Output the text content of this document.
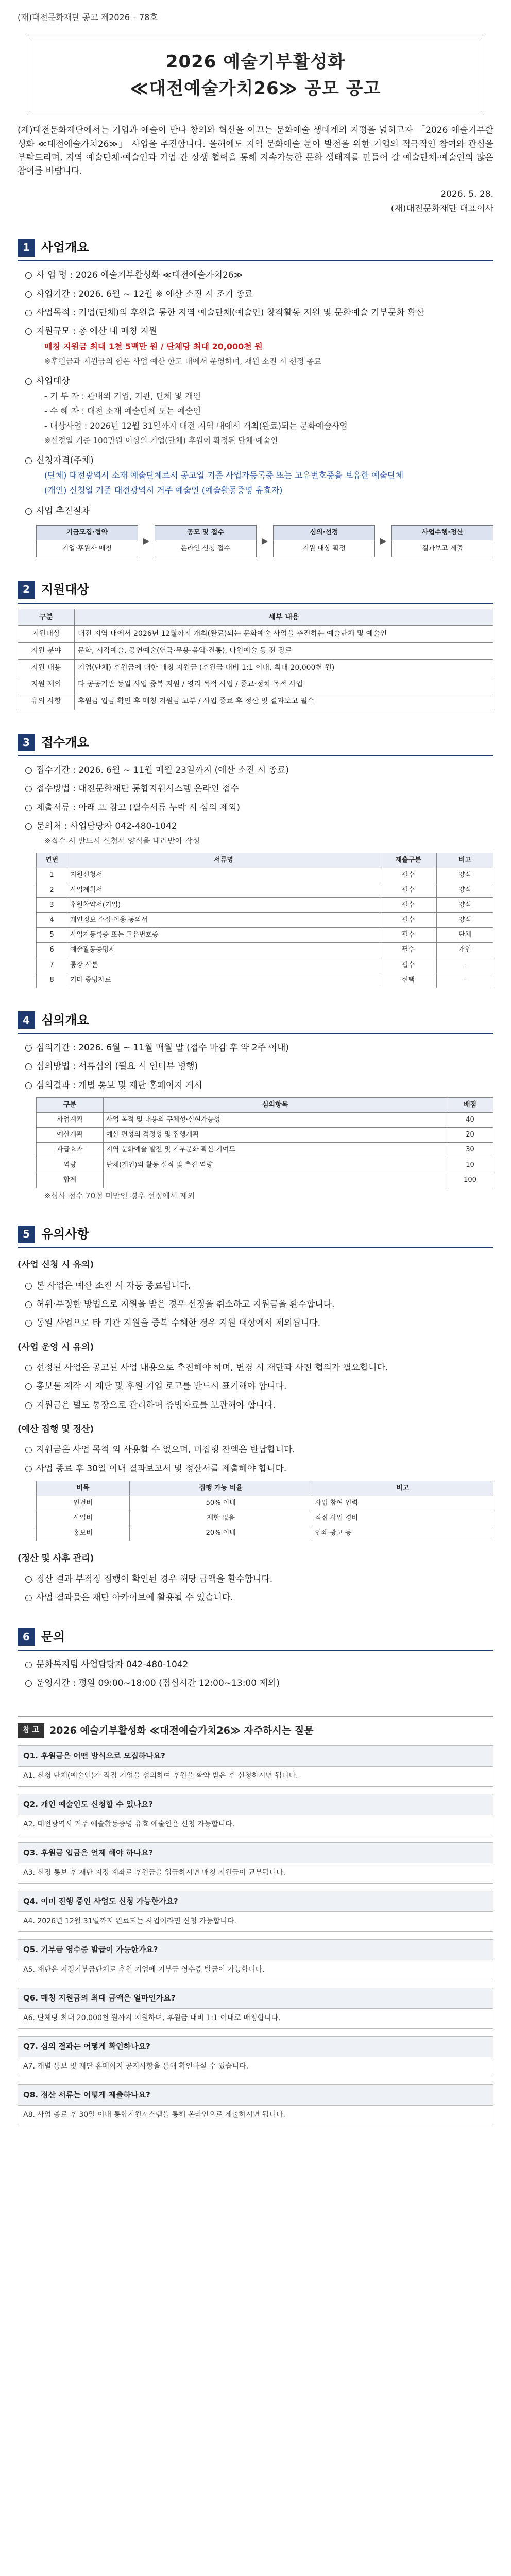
(재)대전문화재단 공고 제2026 – 78호
2026 예술기부활성화
≪대전예술가치26≫ 공모 공고

(재)대전문화재단에서는 기업과 예술이 만나 창의와 혁신을 이끄는 문화예술 생태계의 지평을 넓히고자 「2026 예술기부활성화 ≪대전예술가치26≫」 사업을 추진합니다. 올해에도 지역 문화예술 분야 발전을 위한 기업의 적극적인 참여와 관심을 부탁드리며, 지역 예술단체·예술인과 기업 간 상생 협력을 통해 지속가능한 문화 생태계를 만들어 갈 예술단체·예술인의 많은 참여를 바랍니다.

2026. 5. 28.
(재)대전문화재단 대표이사
1 사업개요
○ 사 업 명 : 2026 예술기부활성화 ≪대전예술가치26≫
○ 사업기간 : 2026. 6월 ~ 12월 ※ 예산 소진 시 조기 종료
○ 사업목적 : 기업(단체)의 후원을 통한 지역 예술단체(예술인) 창작활동 지원 및 문화예술 기부문화 확산
○ 지원규모 : 총 예산 내 매칭 지원
매칭 지원금 최대 1천 5백만 원 / 단체당 최대 20,000천 원
※ 후원금과 지원금의 합은 사업 예산 한도 내에서 운영하며, 재원 소진 시 선정 종료
○ 사업대상
- 기 부 자 : 관내외 기업, 기관, 단체 및 개인
- 수 혜 자 : 대전 소재 예술단체 또는 예술인
- 대상사업 : 2026년 12월 31일까지 대전 지역 내에서 개최(완료)되는 문화예술사업
※ 선정일 기준 100만원 이상의 기업(단체) 후원이 확정된 단체·예술인
○ 신청자격(주체)
(단체) 대전광역시 소재 예술단체로서 공고일 기준 사업자등록증 또는 고유번호증을 보유한 예술단체
(개인) 신청일 기준 대전광역시 거주 예술인 (예술활동증명 유효자)
○ 사업 추진절차
기금모집·협약
기업·후원자 매칭
▶
공모 및 접수
온라인 신청 접수
▶
심의·선정
지원 대상 확정
▶
사업수행·정산
결과보고 제출
2 지원대상
구분	세부 내용
지원대상	대전 지역 내에서 2026년 12월까지 개최(완료)되는 문화예술 사업을 추진하는 예술단체 및 예술인
지원 분야	문학, 시각예술, 공연예술(연극·무용·음악·전통), 다원예술 등 전 장르
지원 내용	기업(단체) 후원금에 대한 매칭 지원금 (후원금 대비 1:1 이내, 최대 20,000천 원)
지원 제외	타 공공기관 동일 사업 중복 지원 / 영리 목적 사업 / 종교·정치 목적 사업
유의 사항	후원금 입금 확인 후 매칭 지원금 교부 / 사업 종료 후 정산 및 결과보고 필수
3 접수개요
○ 접수기간 : 2026. 6월 ~ 11월 매월 23일까지 (예산 소진 시 종료)
○ 접수방법 : 대전문화재단 통합지원시스템 온라인 접수
○ 제출서류 : 아래 표 참고 (필수서류 누락 시 심의 제외)
○ 문의처 : 사업담당자 042-480-1042
※ 접수 시 반드시 신청서 양식을 내려받아 작성
연번	서류명	제출구분	비고
1	지원신청서	필수	양식
2	사업계획서	필수	양식
3	후원확약서(기업)	필수	양식
4	개인정보 수집·이용 동의서	필수	양식
5	사업자등록증 또는 고유번호증	필수	단체
6	예술활동증명서	필수	개인
7	통장 사본	필수	-
8	기타 증빙자료	선택	-
4 심의개요
○ 심의기간 : 2026. 6월 ~ 11월 매월 말 (접수 마감 후 약 2주 이내)
○ 심의방법 : 서류심의 (필요 시 인터뷰 병행)
○ 심의결과 : 개별 통보 및 재단 홈페이지 게시
구분	심의항목	배점
사업계획	사업 목적 및 내용의 구체성·실현가능성	40
예산계획	예산 편성의 적정성 및 집행계획	20
파급효과	지역 문화예술 발전 및 기부문화 확산 기여도	30
역량	단체(개인)의 활동 실적 및 추진 역량	10
합계		100
※ 심사 점수 70점 미만인 경우 선정에서 제외
5 유의사항
(사업 신청 시 유의)
○ 본 사업은 예산 소진 시 자동 종료됩니다.
○ 허위·부정한 방법으로 지원을 받은 경우 선정을 취소하고 지원금을 환수합니다.
○ 동일 사업으로 타 기관 지원을 중복 수혜한 경우 지원 대상에서 제외됩니다.
(사업 운영 시 유의)
○ 선정된 사업은 공고된 사업 내용으로 추진해야 하며, 변경 시 재단과 사전 협의가 필요합니다.
○ 홍보물 제작 시 재단 및 후원 기업 로고를 반드시 표기해야 합니다.
○ 지원금은 별도 통장으로 관리하며 증빙자료를 보관해야 합니다.
(예산 집행 및 정산)
○ 지원금은 사업 목적 외 사용할 수 없으며, 미집행 잔액은 반납합니다.
○ 사업 종료 후 30일 이내 결과보고서 및 정산서를 제출해야 합니다.
비목	집행 가능 비율	비고
인건비	50% 이내	사업 참여 인력
사업비	제한 없음	직접 사업 경비
홍보비	20% 이내	인쇄·광고 등
(정산 및 사후 관리)
○ 정산 결과 부적정 집행이 확인된 경우 해당 금액을 환수합니다.
○ 사업 결과물은 재단 아카이브에 활용될 수 있습니다.
6 문의
○ 문화복지팀 사업담당자 042-480-1042
○ 운영시간 : 평일 09:00~18:00 (점심시간 12:00~13:00 제외)
참 고	2026 예술기부활성화 ≪대전예술가치26≫ 자주하시는 질문
Q1. 후원금은 어떤 방식으로 모집하나요?
A1. 신청 단체(예술인)가 직접 기업을 섭외하여 후원을 확약 받은 후 신청하시면 됩니다.
Q2. 개인 예술인도 신청할 수 있나요?
A2. 대전광역시 거주 예술활동증명 유효 예술인은 신청 가능합니다.
Q3. 후원금 입금은 언제 해야 하나요?
A3. 선정 통보 후 재단 지정 계좌로 후원금을 입금하시면 매칭 지원금이 교부됩니다.
Q4. 이미 진행 중인 사업도 신청 가능한가요?
A4. 2026년 12월 31일까지 완료되는 사업이라면 신청 가능합니다.
Q5. 기부금 영수증 발급이 가능한가요?
A5. 재단은 지정기부금단체로 후원 기업에 기부금 영수증 발급이 가능합니다.
Q6. 매칭 지원금의 최대 금액은 얼마인가요?
A6. 단체당 최대 20,000천 원까지 지원하며, 후원금 대비 1:1 이내로 매칭합니다.
Q7. 심의 결과는 어떻게 확인하나요?
A7. 개별 통보 및 재단 홈페이지 공지사항을 통해 확인하실 수 있습니다.
Q8. 정산 서류는 어떻게 제출하나요?
A8. 사업 종료 후 30일 이내 통합지원시스템을 통해 온라인으로 제출하시면 됩니다.
